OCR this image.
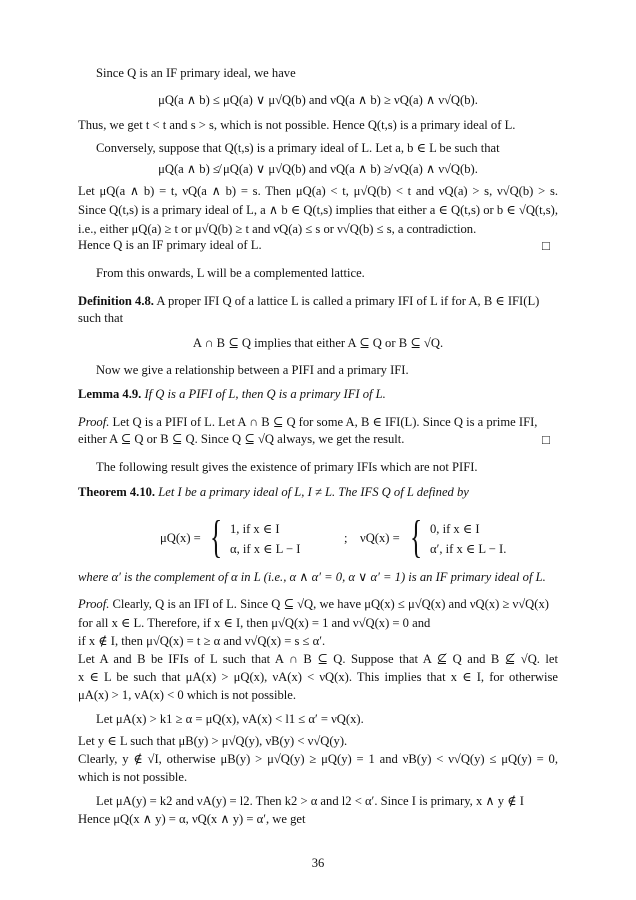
Since Q is an IF primary ideal, we have
μQ(a ∧ b) ≤ μQ(a) ∨ μ√Q(b) and νQ(a ∧ b) ≥ νQ(a) ∧ ν√Q(b).
Thus, we get t < t and s > s, which is not possible. Hence Q(t,s) is a primary ideal of L.
Conversely, suppose that Q(t,s) is a primary ideal of L. Let a, b ∈ L be such that
μQ(a ∧ b) ≰ μQ(a) ∨ μ√Q(b) and νQ(a ∧ b) ≱ νQ(a) ∧ ν√Q(b).
Let μQ(a ∧ b) = t, νQ(a ∧ b) = s. Then μQ(a) < t, μ√Q(b) < t and νQ(a) > s, ν√Q(b) > s.
Since Q(t,s) is a primary ideal of L, a ∧ b ∈ Q(t,s) implies that either a ∈ Q(t,s) or b ∈ √Q(t,s),
i.e., either μQ(a) ≥ t or μ√Q(b) ≥ t and νQ(a) ≤ s or ν√Q(b) ≤ s, a contradiction.
Hence Q is an IF primary ideal of L.	□
From this onwards, L will be a complemented lattice.
Definition 4.8. A proper IFI Q of a lattice L is called a primary IFI of L if for A, B ∈ IFI(L)
such that
A ∩ B ⊆ Q implies that either A ⊆ Q or B ⊆ √Q.
Now we give a relationship between a PIFI and a primary IFI.
Lemma 4.9. If Q is a PIFI of L, then Q is a primary IFI of L.
Proof. Let Q is a PIFI of L. Let A ∩ B ⊆ Q for some A, B ∈ IFI(L). Since Q is a prime IFI,
either A ⊆ Q or B ⊆ Q. Since Q ⊆ √Q always, we get the result.	□
The following result gives the existence of primary IFIs which are not PIFI.
Theorem 4.10. Let I be a primary ideal of L, I ≠ L. The IFS Q of L defined by
μQ(x) = { 1, if x ∈ I
α, if x ∈ L − I
; νQ(x) = { 0, if x ∈ I
α′, if x ∈ L − I.
where α′ is the complement of α in L (i.e., α ∧ α′ = 0, α ∨ α′ = 1) is an IF primary ideal of L.
Proof. Clearly, Q is an IFI of L. Since Q ⊆ √Q, we have μQ(x) ≤ μ√Q(x) and νQ(x) ≥ ν√Q(x)
for all x ∈ L. Therefore, if x ∈ I, then μ√Q(x) = 1 and ν√Q(x) = 0 and
if x ∉ I, then μ√Q(x) = t ≥ α and ν√Q(x) = s ≤ α′.
Let A and B be IFIs of L such that A ∩ B ⊆ Q. Suppose that A ⊈ Q and B ⊈ √Q. let
x ∈ L be such that μA(x) > μQ(x), νA(x) < νQ(x). This implies that x ∈ I, for otherwise
μA(x) > 1, νA(x) < 0 which is not possible.
Let μA(x) > k1 ≥ α = μQ(x), νA(x) < l1 ≤ α′ = νQ(x).
Let y ∈ L such that μB(y) > μ√Q(y), νB(y) < ν√Q(y).
Clearly, y ∉ √I, otherwise μB(y) > μ√Q(y) ≥ μQ(y) = 1 and νB(y) < ν√Q(y) ≤ μQ(y) = 0,
which is not possible.
Let μA(y) = k2 and νA(y) = l2. Then k2 > α and l2 < α′. Since I is primary, x ∧ y ∉ I
Hence μQ(x ∧ y) = α, νQ(x ∧ y) = α′, we get
36
